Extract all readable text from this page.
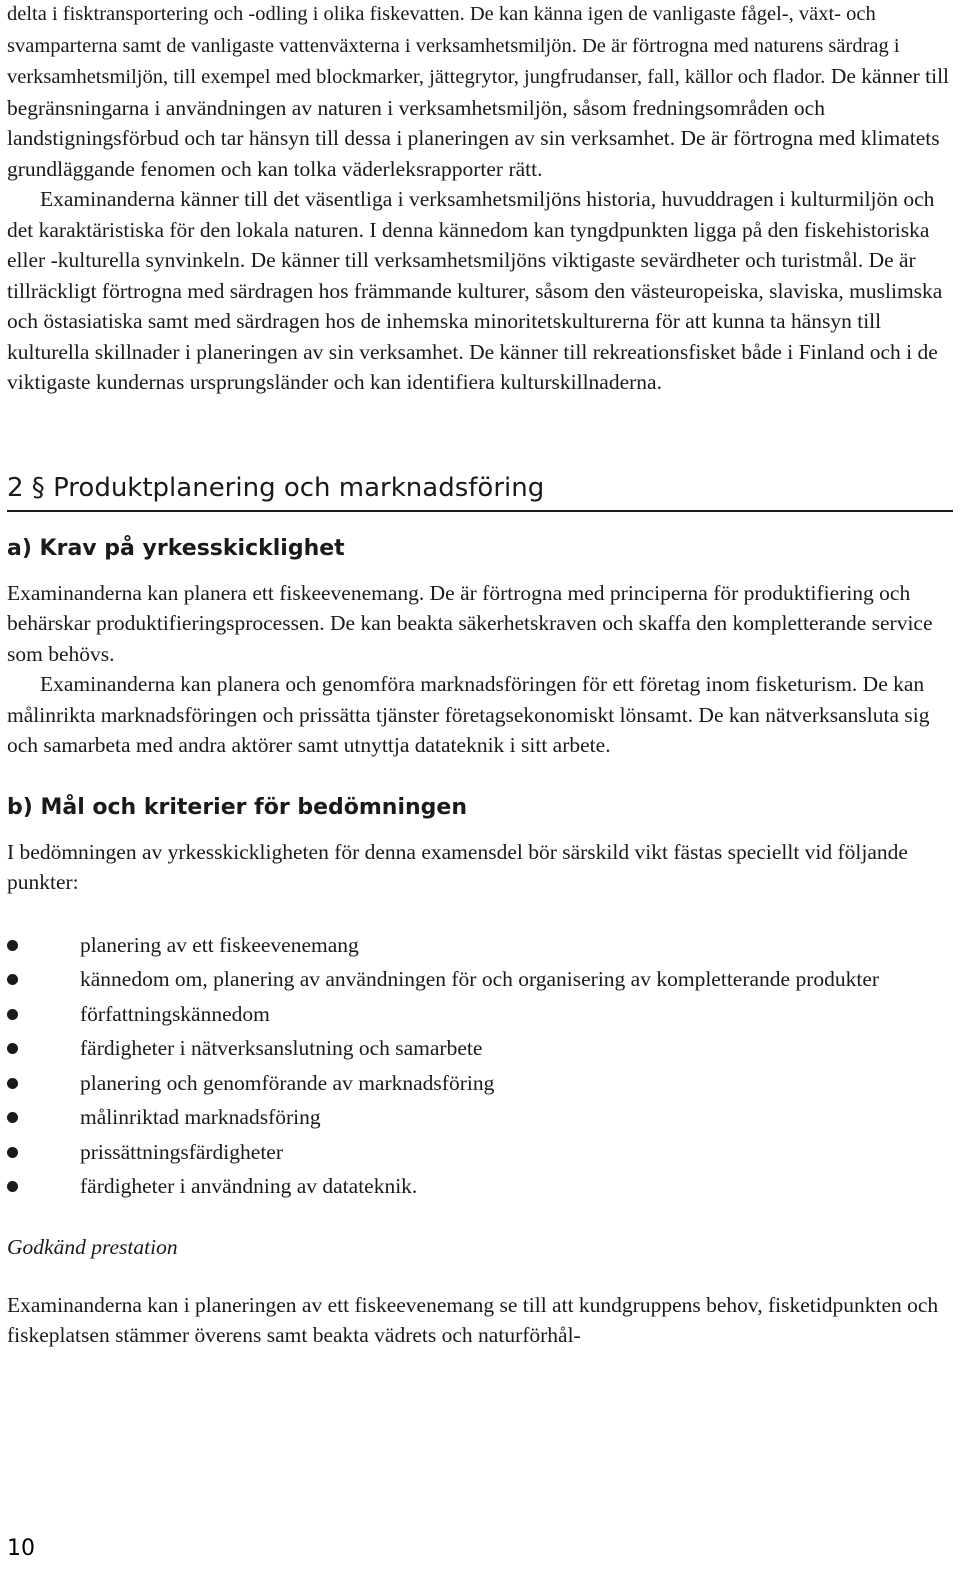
delta i fisktransportering och -odling i olika fiskevatten. De kan känna igen de vanligaste fågel-, växt- och svamparterna samt de vanligaste vattenväxterna i verksamhetsmiljön. De är förtrogna med naturens särdrag i verksamhetsmiljön, till exempel med blockmarker, jättegrytor, jungfrudanser, fall, källor och flador. De känner till begränsningarna i användningen av naturen i verksamhetsmiljön, såsom fredningsområden och landstigningsförbud och tar hänsyn till dessa i planeringen av sin verksamhet. De är förtrogna med klimatets grundläggande fenomen och kan tolka väderleksrapporter rätt.

Examinanderna känner till det väsentliga i verksamhetsmiljöns historia, huvuddragen i kulturmiljön och det karaktäristiska för den lokala naturen. I denna kännedom kan tyngdpunkten ligga på den fiskehistoriska eller -kulturella synvinkeln. De känner till verksamhetsmiljöns viktigaste sevärdheter och turistmål. De är tillräckligt förtrogna med särdragen hos främmande kulturer, såsom den västeuropeiska, slaviska, muslimska och östasiatiska samt med särdragen hos de inhemska minoritetskulturerna för att kunna ta hänsyn till kulturella skillnader i planeringen av sin verksamhet. De känner till rekreationsfisket både i Finland och i de viktigaste kundernas ursprungsländer och kan identifiera kulturskillnaderna.

2 § Produktplanering och marknadsföring
a) Krav på yrkesskicklighet

Examinanderna kan planera ett fiskeevenemang. De är förtrogna med principerna för produktifiering och behärskar produktifieringsprocessen. De kan beakta säkerhetskraven och skaffa den kompletterande service som behövs.

Examinanderna kan planera och genomföra marknadsföringen för ett företag inom fisketurism. De kan målinrikta marknadsföringen och prissätta tjänster företagsekonomiskt lönsamt. De kan nätverksansluta sig och samarbeta med andra aktörer samt utnyttja datateknik i sitt arbete.

b) Mål och kriterier för bedömningen

I bedömningen av yrkesskickligheten för denna examensdel bör särskild vikt fästas speciellt vid följande punkter:

planering av ett fiskeevenemang
kännedom om, planering av användningen för och organisering av kompletterande produkter
författningskännedom
färdigheter i nätverksanslutning och samarbete
planering och genomförande av marknadsföring
målinriktad marknadsföring
prissättningsfärdigheter
färdigheter i användning av datateknik.

Godkänd prestation

Examinanderna kan i planeringen av ett fiskeevenemang se till att kundgruppens behov, fisketidpunkten och fiskeplatsen stämmer överens samt beakta vädrets och naturförhål-

10
